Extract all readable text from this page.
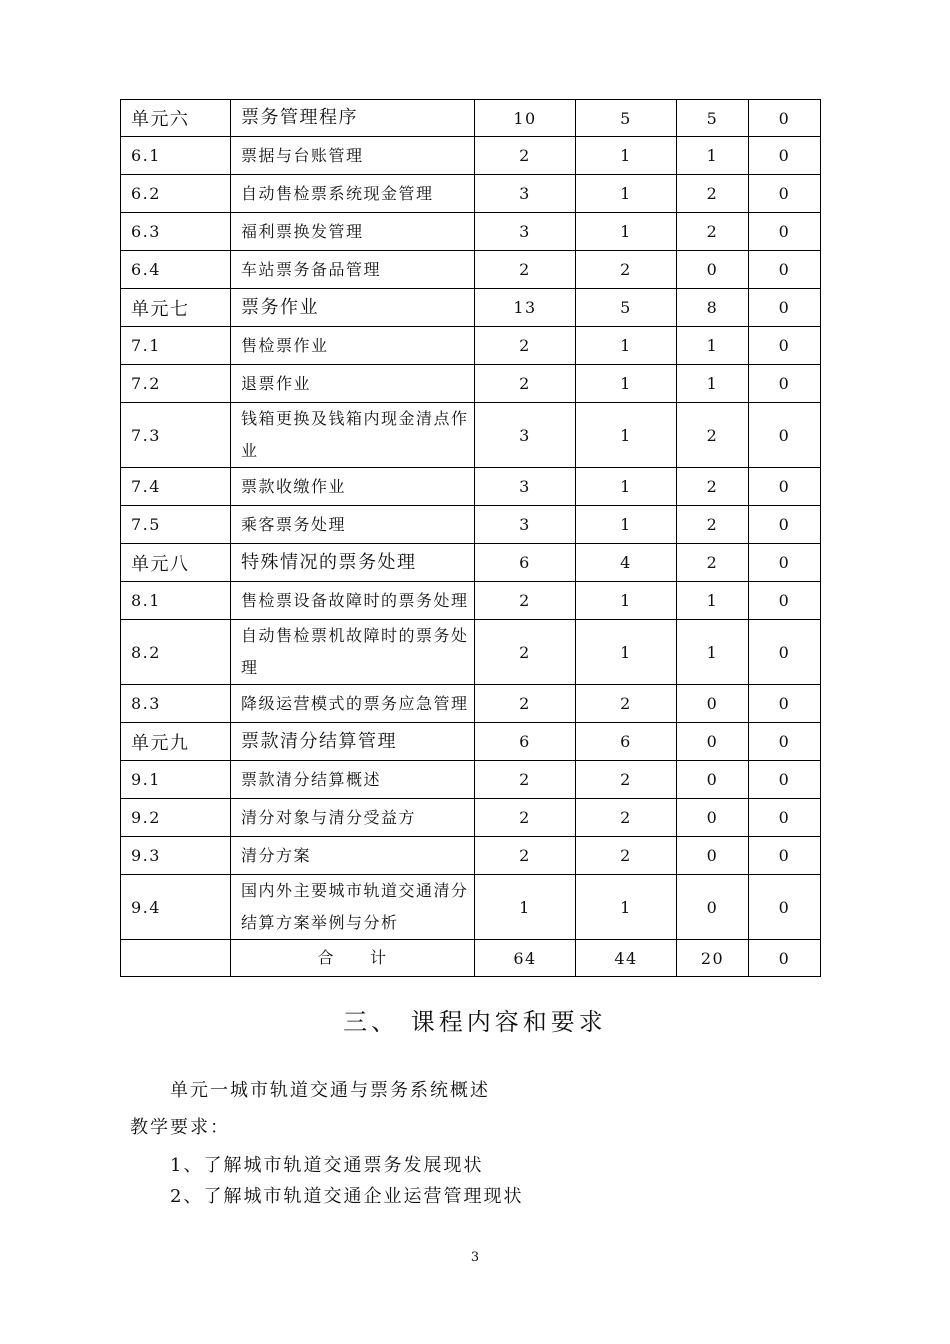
单元六	票务管理程序	10	5	5	0
6.1	票据与台账管理	2	1	1	0
6.2	自动售检票系统现金管理	3	1	2	0
6.3	福利票换发管理	3	1	2	0
6.4	车站票务备品管理	2	2	0	0
单元七	票务作业	13	5	8	0
7.1	售检票作业	2	1	1	0
7.2	退票作业	2	1	1	0
7.3	钱箱更换及钱箱内现金清点作业	3	1	2	0
7.4	票款收缴作业	3	1	2	0
7.5	乘客票务处理	3	1	2	0
单元八	特殊情况的票务处理	6	4	2	0
8.1	售检票设备故障时的票务处理	2	1	1	0
8.2	自动售检票机故障时的票务处理	2	1	1	0
8.3	降级运营模式的票务应急管理	2	2	0	0
单元九	票款清分结算管理	6	6	0	0
9.1	票款清分结算概述	2	2	0	0
9.2	清分对象与清分受益方	2	2	0	0
9.3	清分方案	2	2	0	0
9.4	国内外主要城市轨道交通清分结算方案举例与分析	1	1	0	0
	合　　计	64	44	20	0
三、 课程内容和要求

单元一城市轨道交通与票务系统概述

教学要求：

1、了解城市轨道交通票务发展现状

2、了解城市轨道交通企业运营管理现状

3
